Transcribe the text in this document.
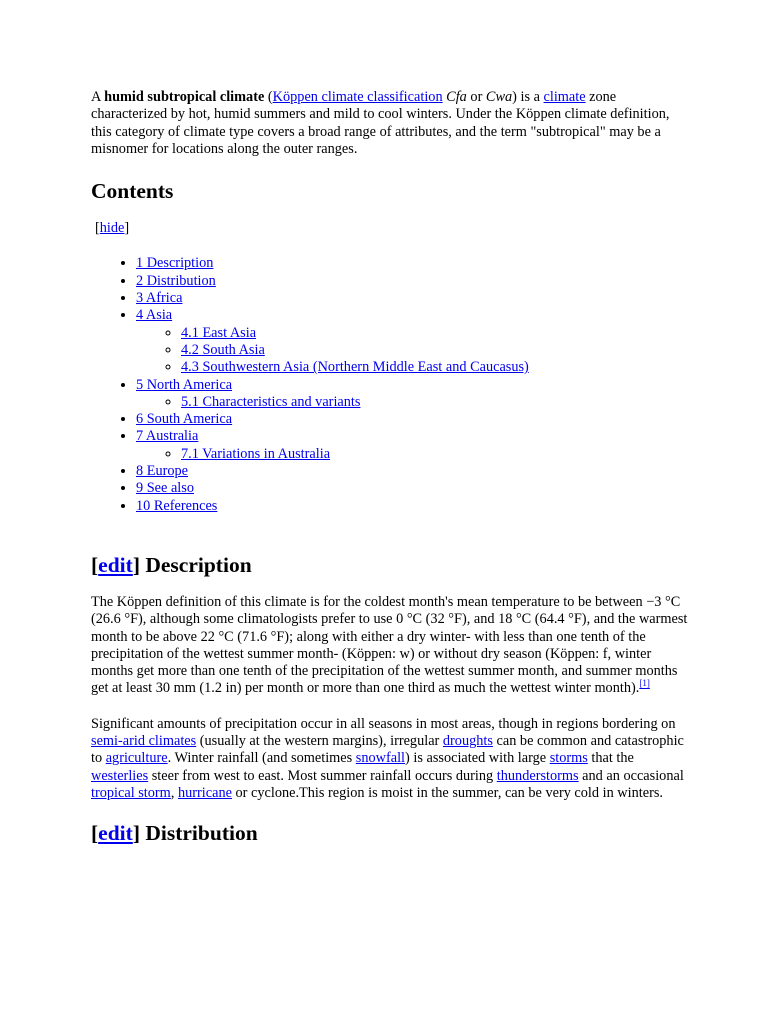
A humid subtropical climate (Köppen climate classification Cfa or Cwa) is a climate zone characterized by hot, humid summers and mild to cool winters. Under the Köppen climate definition, this category of climate type covers a broad range of attributes, and the term "subtropical" may be a misnomer for locations along the outer ranges.

Contents
[hide]
• 1 Description
• 2 Distribution
• 3 Africa
• 4 Asia
◦ 4.1 East Asia
◦ 4.2 South Asia
◦ 4.3 Southwestern Asia (Northern Middle East and Caucasus)
• 5 North America
◦ 5.1 Characteristics and variants
• 6 South America
• 7 Australia
◦ 7.1 Variations in Australia
• 8 Europe
• 9 See also
• 10 References
[edit] Description

The Köppen definition of this climate is for the coldest month's mean temperature to be between −3 °C (26.6 °F), although some climatologists prefer to use 0 °C (32 °F), and 18 °C (64.4 °F), and the warmest month to be above 22 °C (71.6 °F); along with either a dry winter- with less than one tenth of the precipitation of the wettest summer month- (Köppen: w) or without dry season (Köppen: f, winter months get more than one tenth of the precipitation of the wettest summer month, and summer months get at least 30 mm (1.2 in) per month or more than one third as much the wettest winter month).[1]

Significant amounts of precipitation occur in all seasons in most areas, though in regions bordering on semi-arid climates (usually at the western margins), irregular droughts can be common and catastrophic to agriculture. Winter rainfall (and sometimes snowfall) is associated with large storms that the westerlies steer from west to east. Most summer rainfall occurs during thunderstorms and an occasional tropical storm, hurricane or cyclone.This region is moist in the summer, can be very cold in winters.

[edit] Distribution
